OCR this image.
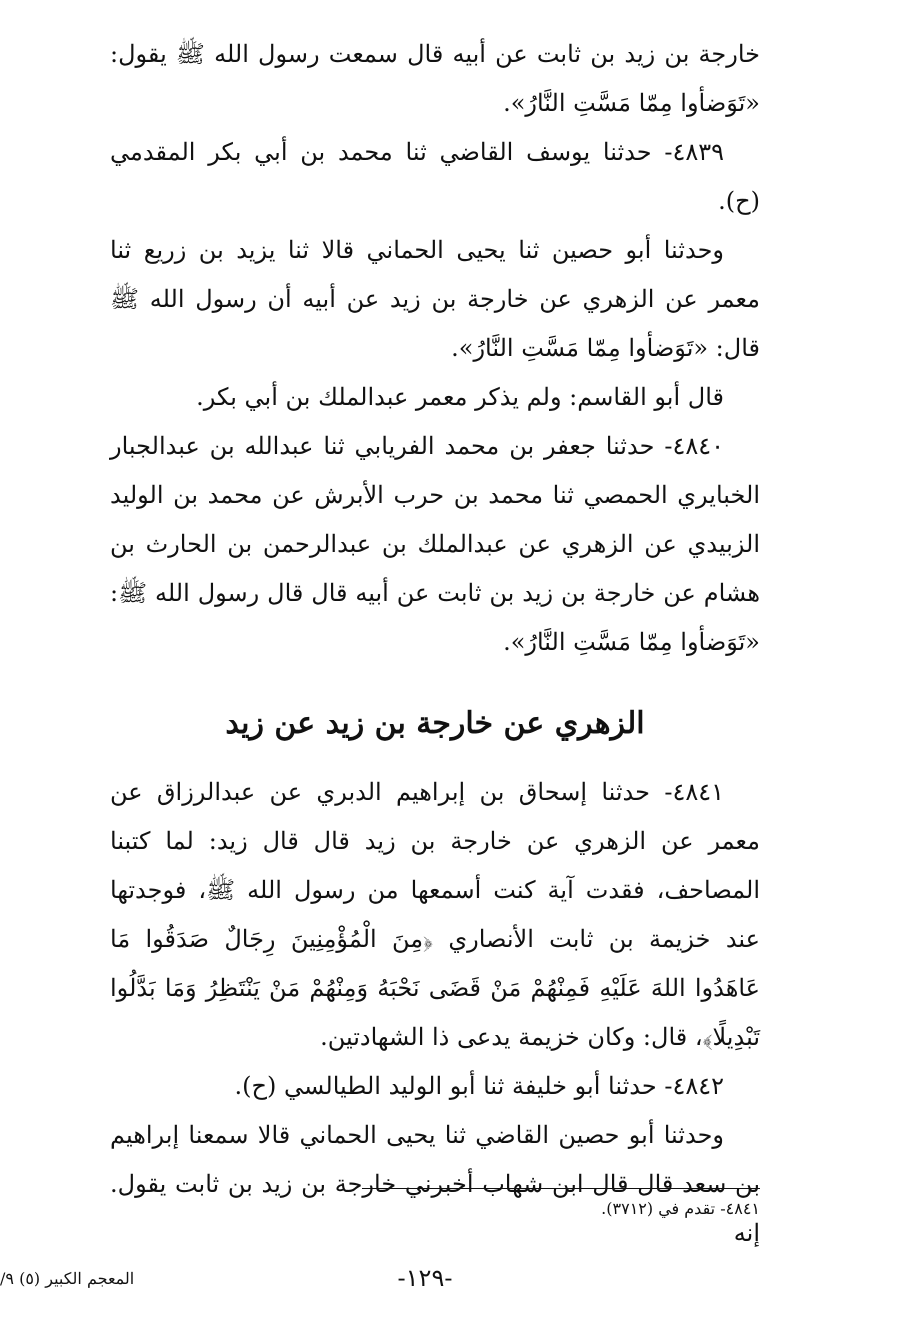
خارجة بن زيد بن ثابت عن أبيه قال سمعت رسول الله ﷺ يقول: «تَوَضأوا مِمّا مَسَّتِ النَّارُ».

٤٨٣٩- حدثنا يوسف القاضي ثنا محمد بن أبي بكر المقدمي (ح).

وحدثنا أبو حصين ثنا يحيى الحماني قالا ثنا يزيد بن زريع ثنا معمر عن الزهري عن خارجة بن زيد عن أبيه أن رسول الله ﷺ قال: «تَوَضأوا مِمّا مَسَّتِ النَّارُ».

قال أبو القاسم: ولم يذكر معمر عبدالملك بن أبي بكر.

٤٨٤٠- حدثنا جعفر بن محمد الفريابي ثنا عبدالله بن عبدالجبار الخبايري الحمصي ثنا محمد بن حرب الأبرش عن محمد بن الوليد الزبيدي عن الزهري عن عبدالملك بن عبدالرحمن بن الحارث بن هشام عن خارجة بن زيد بن ثابت عن أبيه قال قال رسول الله ﷺ: «تَوَضأوا مِمّا مَسَّتِ النَّارُ».

الزهري عن خارجة بن زيد عن زيد

٤٨٤١- حدثنا إسحاق بن إبراهيم الدبري عن عبدالرزاق عن معمر عن الزهري عن خارجة بن زيد قال قال زيد: لما كتبنا المصاحف، فقدت آية كنت أسمعها من رسول الله ﷺ، فوجدتها عند خزيمة بن ثابت الأنصاري ﴿مِنَ الْمُؤْمِنِينَ رِجَالٌ صَدَقُوا مَا عَاهَدُوا اللهَ عَلَيْهِ فَمِنْهُمْ مَنْ قَضَى نَحْبَهُ وَمِنْهُمْ مَنْ يَنْتَظِرُ وَمَا بَدَّلُوا تَبْدِيلًا﴾، قال: وكان خزيمة يدعى ذا الشهادتين.

٤٨٤٢- حدثنا أبو خليفة ثنا أبو الوليد الطيالسي (ح).

وحدثنا أبو حصين القاضي ثنا يحيى الحماني قالا سمعنا إبراهيم بن سعد قال قال ابن شهاب أخبرني خارجة بن زيد بن ثابت يقول. إنه

٤٨٤١- تقدم في (٣٧١٢).

-١٢٩-
المعجم الكبير (٥) ٩/
